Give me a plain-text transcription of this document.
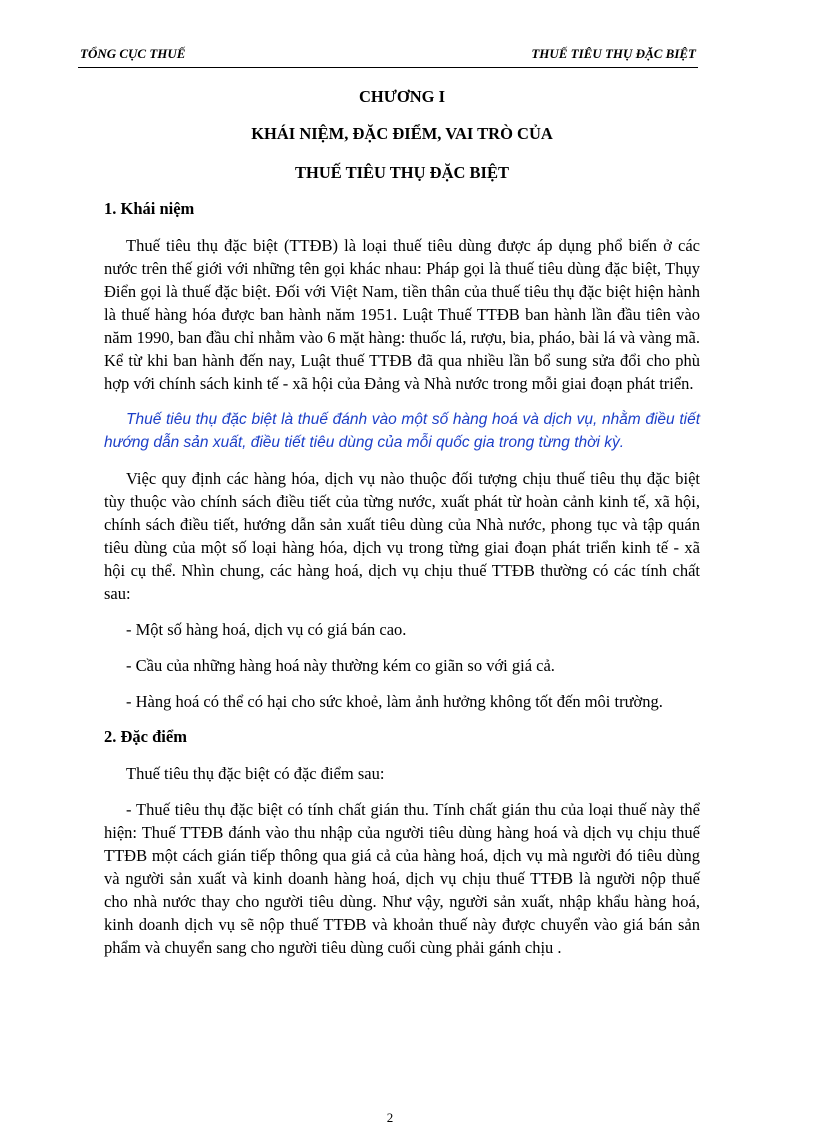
TỔNG CỤC THUẾ	THUẾ TIÊU THỤ ĐẶC BIỆT
CHƯƠNG I
KHÁI NIỆM, ĐẶC ĐIỂM, VAI TRÒ CỦA
THUẾ TIÊU THỤ ĐẶC BIỆT
1. Khái niệm

Thuế tiêu thụ đặc biệt (TTĐB) là loại thuế tiêu dùng được áp dụng phổ biến ở các nước trên thế giới với những tên gọi khác nhau: Pháp gọi là thuế tiêu dùng đặc biệt, Thụy Điển gọi là thuế đặc biệt. Đối với Việt Nam, tiền thân của thuế tiêu thụ đặc biệt hiện hành là thuế hàng hóa được ban hành năm 1951. Luật Thuế TTĐB ban hành lần đầu tiên vào năm 1990, ban đầu chỉ nhằm vào 6 mặt hàng: thuốc lá, rượu, bia, pháo, bài lá và vàng mã. Kể từ khi ban hành đến nay, Luật thuế TTĐB đã qua nhiều lần bổ sung sửa đổi cho phù hợp với chính sách kinh tế - xã hội của Đảng và Nhà nước trong mỗi giai đoạn phát triển.

Thuế tiêu thụ đặc biệt là thuế đánh vào một số hàng hoá và dịch vụ, nhằm điều tiết hướng dẫn sản xuất, điều tiết tiêu dùng của mỗi quốc gia trong từng thời kỳ.

Việc quy định các hàng hóa, dịch vụ nào thuộc đối tượng chịu thuế tiêu thụ đặc biệt tùy thuộc vào chính sách điều tiết của từng nước, xuất phát từ hoàn cảnh kinh tế, xã hội, chính sách điều tiết, hướng dẫn sản xuất tiêu dùng của Nhà nước, phong tục và tập quán tiêu dùng của một số loại hàng hóa, dịch vụ trong từng giai đoạn phát triển kinh tế - xã hội cụ thể. Nhìn chung, các hàng hoá, dịch vụ chịu thuế TTĐB thường có các tính chất sau:

- Một số hàng hoá, dịch vụ có giá bán cao.

- Cầu của những hàng hoá này thường kém co giãn so với giá cả.

- Hàng hoá có thể có hại cho sức khoẻ, làm ảnh hưởng không tốt đến môi trường.

2. Đặc điểm

Thuế tiêu thụ đặc biệt có đặc điểm sau:

- Thuế tiêu thụ đặc biệt có tính chất gián thu. Tính chất gián thu của loại thuế này thể hiện: Thuế TTĐB đánh vào thu nhập của người tiêu dùng hàng hoá và dịch vụ chịu thuế TTĐB một cách gián tiếp thông qua giá cả của hàng hoá, dịch vụ mà người đó tiêu dùng và người sản xuất và kinh doanh hàng hoá, dịch vụ chịu thuế TTĐB là người nộp thuế cho nhà nước thay cho người tiêu dùng. Như vậy, người sản xuất, nhập khẩu hàng hoá, kinh doanh dịch vụ sẽ nộp thuế TTĐB và khoản thuế này được chuyển vào giá bán sản phẩm và chuyển sang cho người tiêu dùng cuối cùng phải gánh chịu .

2
